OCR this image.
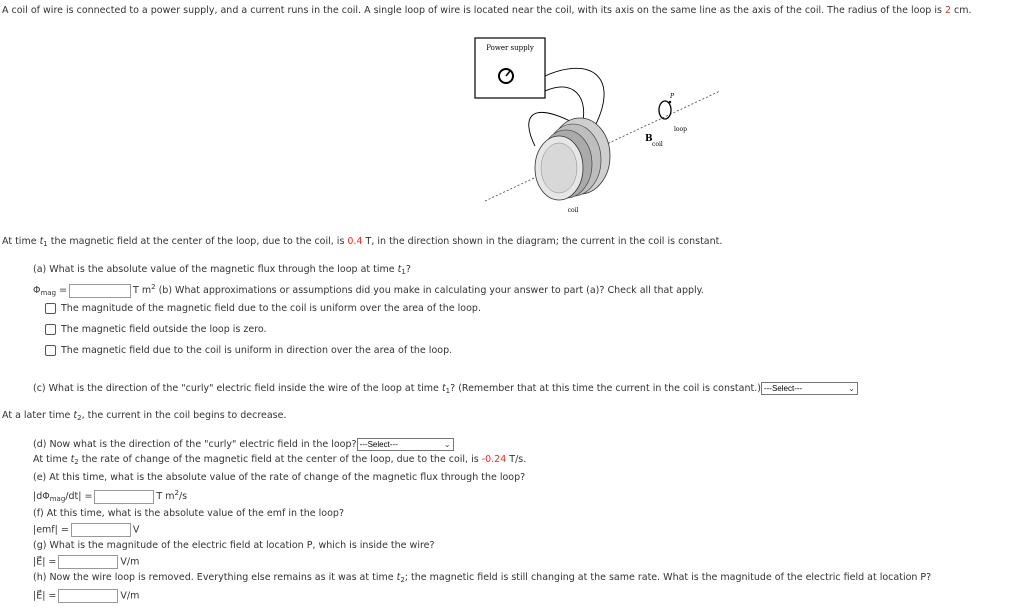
A coil of wire is connected to a power supply, and a current runs in the coil. A single loop of wire is located near the coil, with its axis on the same line as the axis of the coil. The radius of the loop is 2 cm.
Power supply
coil
B
coil
P
loop
At time $t_1$ the magnetic field at the center of the loop, due to the coil, is 0.4 T, in the direction shown in the diagram; the current in the coil is constant.
(a) What is the absolute value of the magnetic flux through the loop at time $t_1$?
$\Phi_{mag}$ =	T $m^2$ (b) What approximations or assumptions did you make in calculating your answer to part (a)? Check all that apply.
The magnitude of the magnetic field due to the coil is uniform over the area of the loop.
The magnetic field outside the loop is zero.
The magnetic field due to the coil is uniform in direction over the area of the loop.
(c) What is the direction of the "curly" electric field inside the wire of the loop at time $t_1$? (Remember that at this time the current in the coil is constant.) ---Select---	⌄
At a later time $t_2$, the current in the coil begins to decrease.
(d) Now what is the direction of the "curly" electric field in the loop? ---Select---	⌄
At time $t_2$ the rate of change of the magnetic field at the center of the loop, due to the coil, is -0.24 T/s.
(e) At this time, what is the absolute value of the rate of change of the magnetic flux through the loop?
$|d\Phi_{mag}/dt|$ =	T $m^2/s$
(f) At this time, what is the absolute value of the emf in the loop?
|emf| =	V
(g) What is the magnitude of the electric field at location P, which is inside the wire?
|E⃗| =	V/m
(h) Now the wire loop is removed. Everything else remains as it was at time $t_2$; the magnetic field is still changing at the same rate. What is the magnitude of the electric field at location P?
|E⃗| =	V/m
